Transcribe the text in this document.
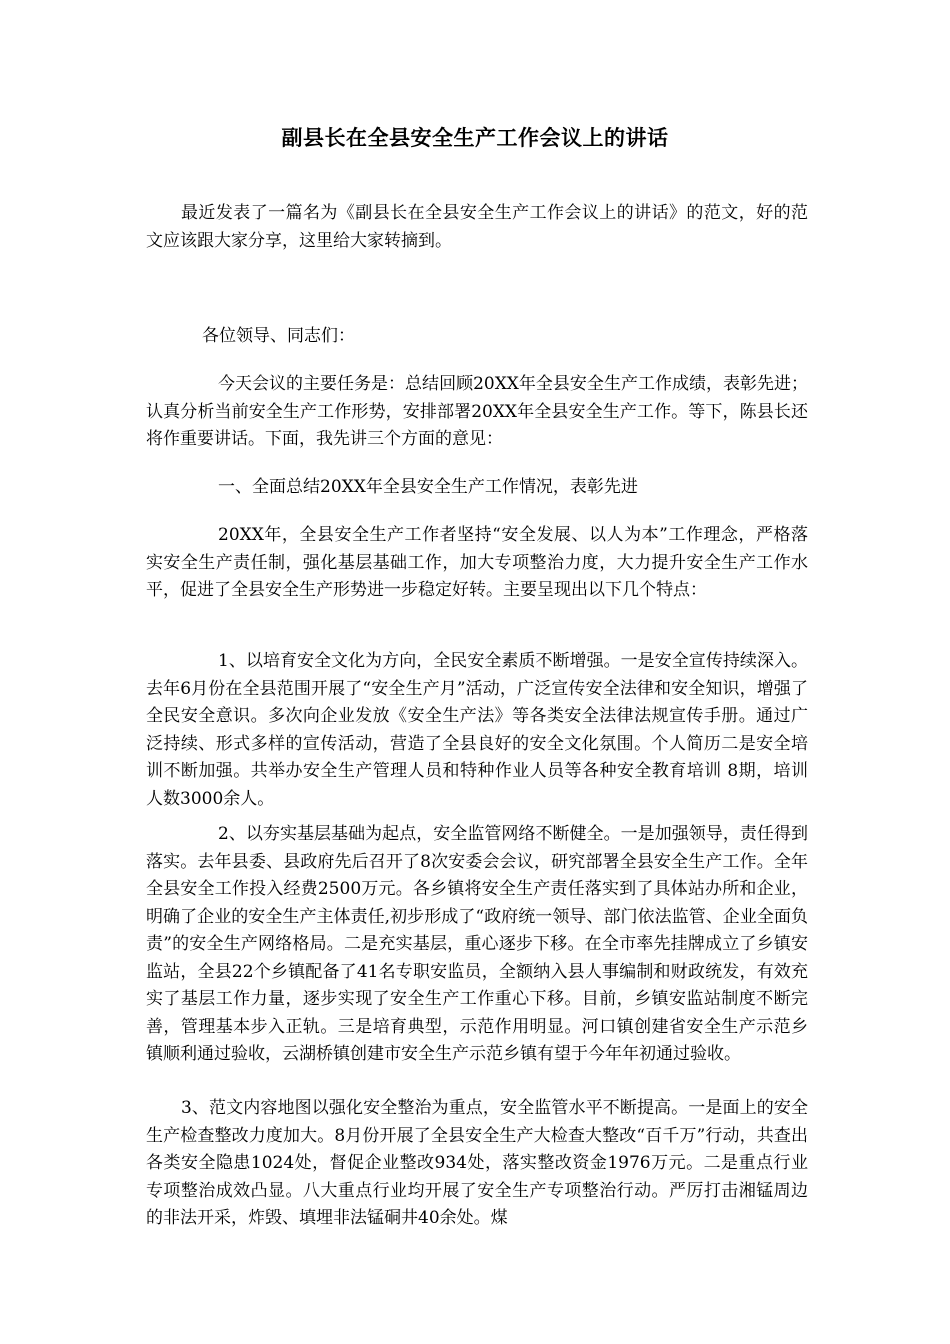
副县长在全县安全生产工作会议上的讲话

最近发表了一篇名为《副县长在全县安全生产工作会议上的讲话》的范文，好的范文应该跟大家分享，这里给大家转摘到。

各位领导、同志们：

今天会议的主要任务是：总结回顾20XX年全县安全生产工作成绩，表彰先进；认真分析当前安全生产工作形势，安排部署20XX年全县安全生产工作。等下，陈县长还将作重要讲话。下面，我先讲三个方面的意见：

一、全面总结20XX年全县安全生产工作情况，表彰先进

20XX年，全县安全生产工作者坚持“安全发展、以人为本”工作理念，严格落实安全生产责任制，强化基层基础工作，加大专项整治力度，大力提升安全生产工作水平，促进了全县安全生产形势进一步稳定好转。主要呈现出以下几个特点：

1、以培育安全文化为方向，全民安全素质不断增强。一是安全宣传持续深入。去年6月份在全县范围开展了“安全生产月”活动，广泛宣传安全法律和安全知识，增强了全民安全意识。多次向企业发放《安全生产法》等各类安全法律法规宣传手册。通过广泛持续、形式多样的宣传活动，营造了全县良好的安全文化氛围。个人简历二是安全培训不断加强。共举办安全生产管理人员和特种作业人员等各种安全教育培训 8期，培训人数3000余人。

2、以夯实基层基础为起点，安全监管网络不断健全。一是加强领导，责任得到落实。去年县委、县政府先后召开了8次安委会会议，研究部署全县安全生产工作。全年全县安全工作投入经费2500万元。各乡镇将安全生产责任落实到了具体站办所和企业，明确了企业的安全生产主体责任,初步形成了“政府统一领导、部门依法监管、企业全面负责”的安全生产网络格局。二是充实基层，重心逐步下移。在全市率先挂牌成立了乡镇安监站，全县22个乡镇配备了41名专职安监员，全额纳入县人事编制和财政统发，有效充实了基层工作力量，逐步实现了安全生产工作重心下移。目前，乡镇安监站制度不断完善，管理基本步入正轨。三是培育典型，示范作用明显。河口镇创建省安全生产示范乡镇顺利通过验收，云湖桥镇创建市安全生产示范乡镇有望于今年年初通过验收。

3、范文内容地图以强化安全整治为重点，安全监管水平不断提高。一是面上的安全生产检查整改力度加大。8月份开展了全县安全生产大检查大整改“百千万”行动，共查出各类安全隐患1024处，督促企业整改934处，落实整改资金1976万元。二是重点行业专项整治成效凸显。八大重点行业均开展了安全生产专项整治行动。严厉打击湘锰周边的非法开采，炸毁、填埋非法锰硐井40余处。煤
